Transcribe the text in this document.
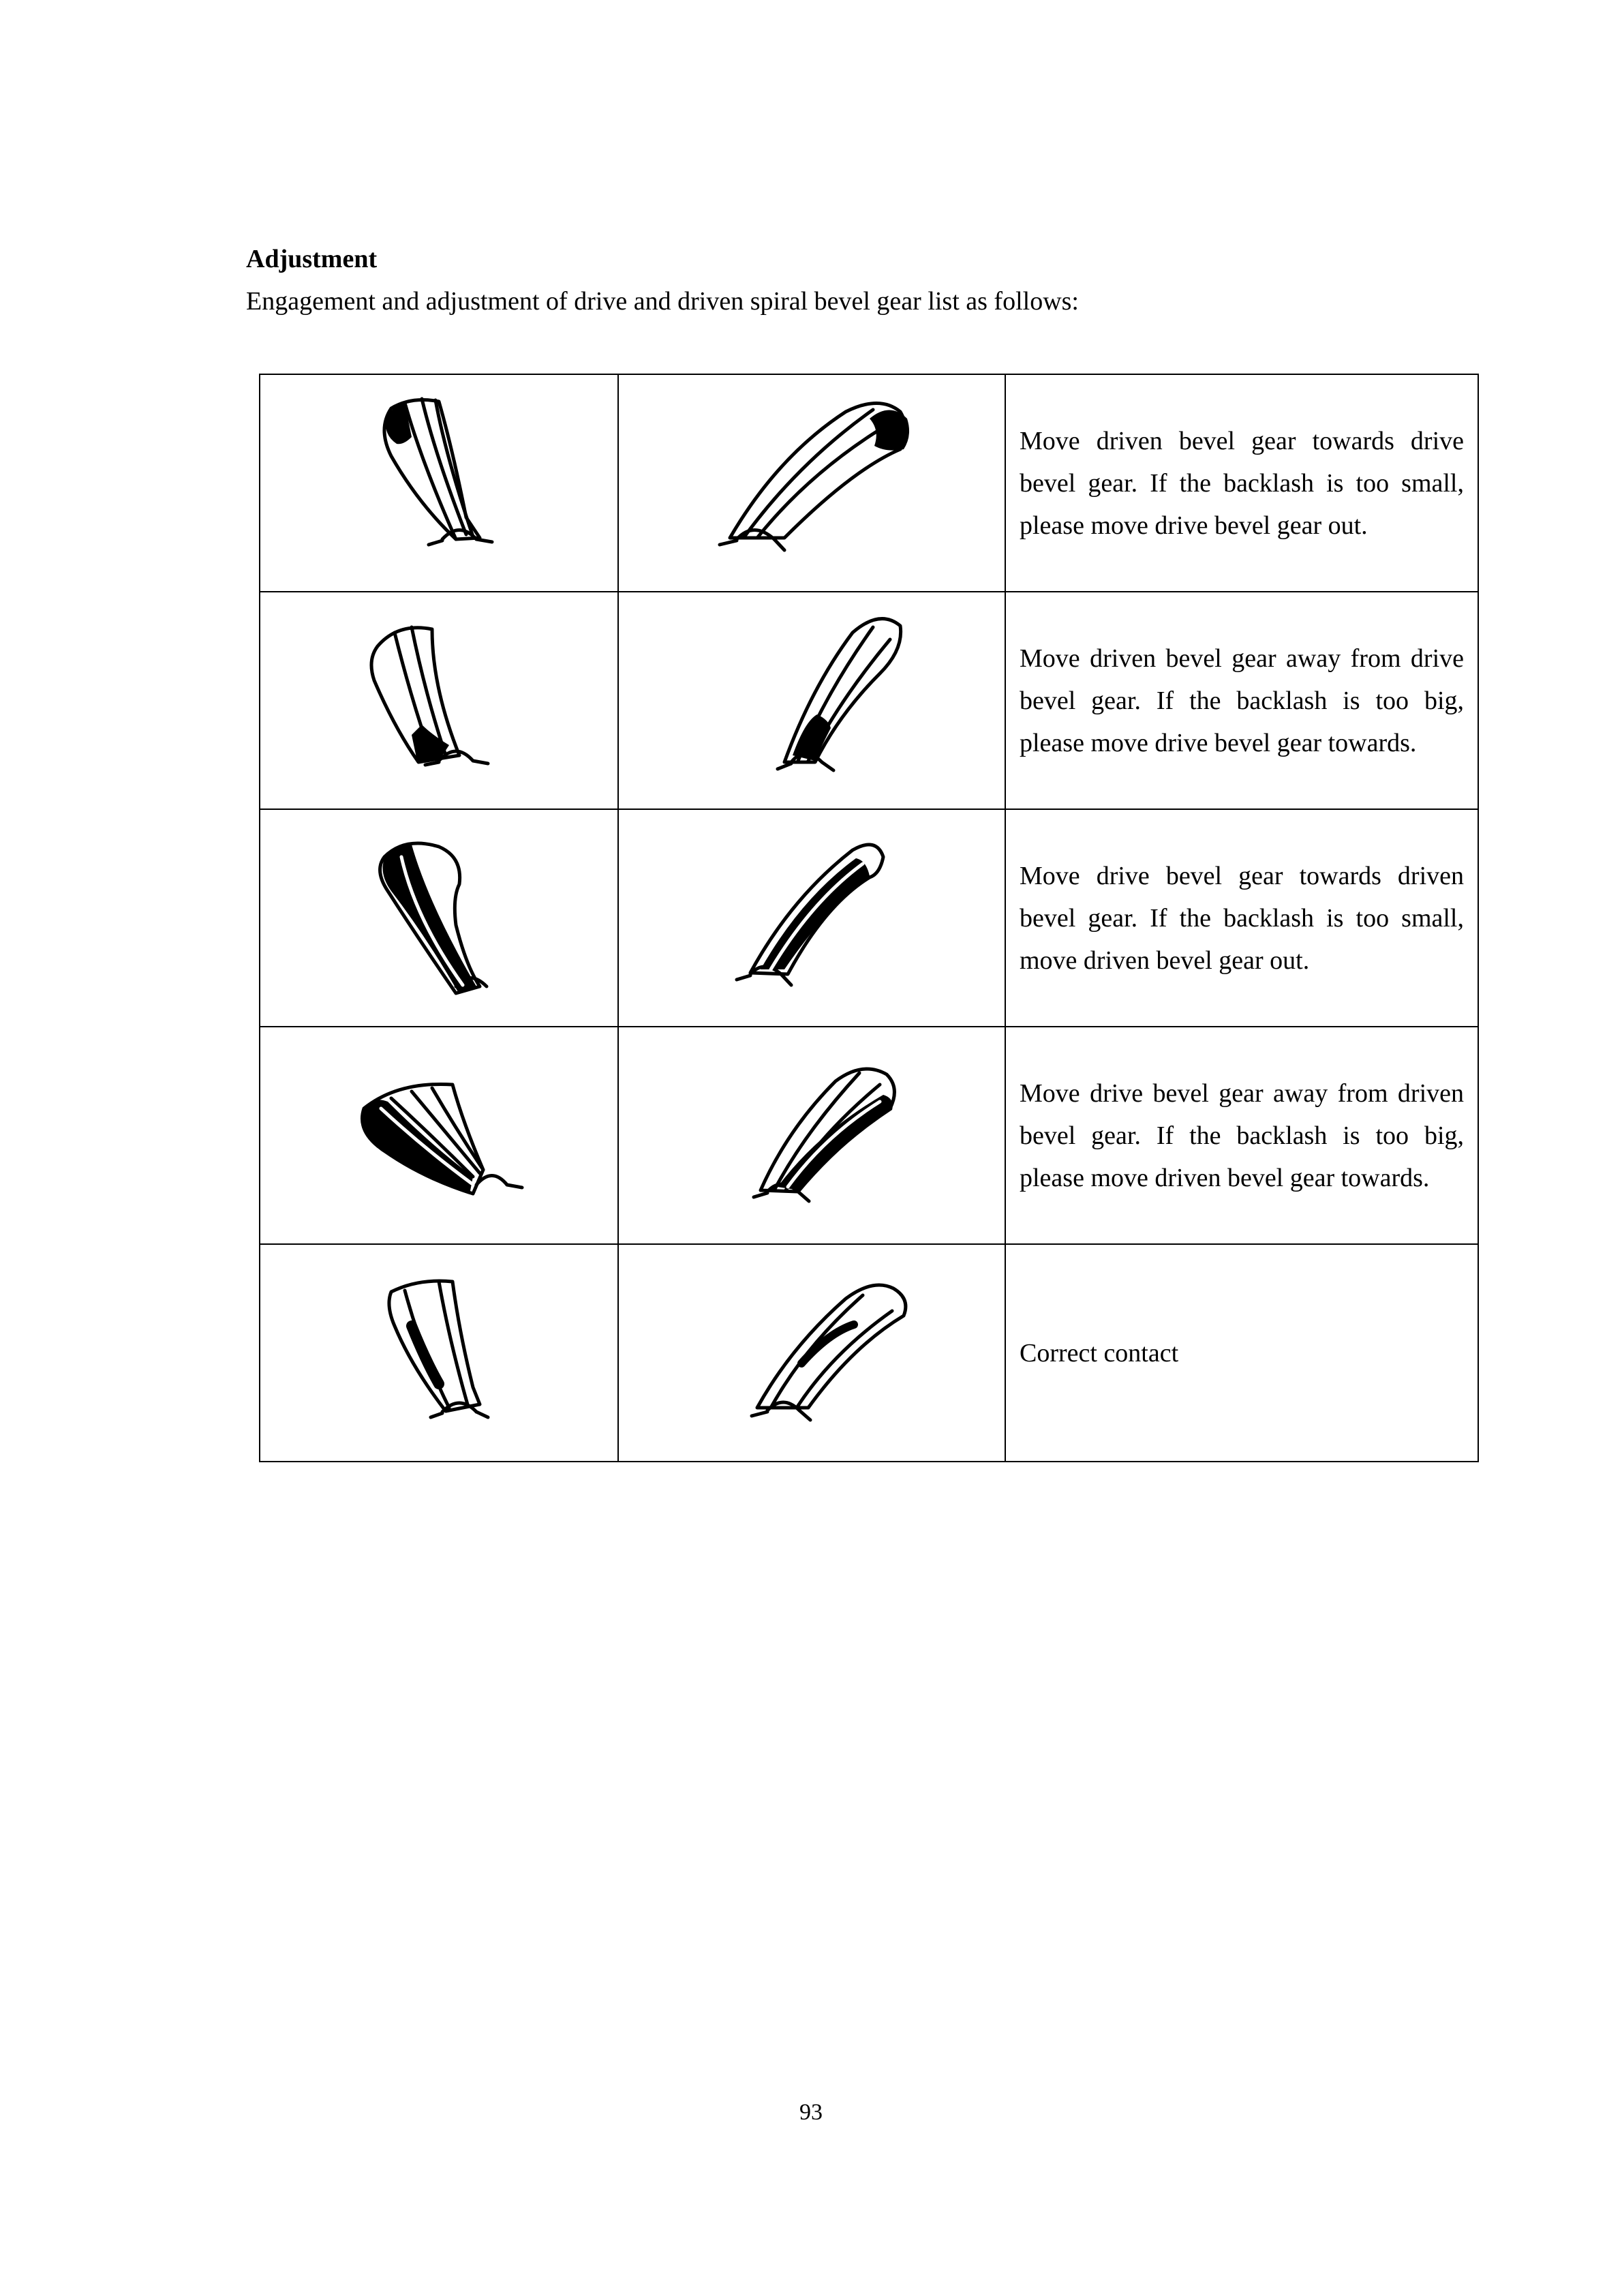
Adjustment

Engagement and adjustment of drive and driven spiral bevel gear list as follows:

Move driven bevel gear towards drive bevel gear. If the backlash is too small, please move drive bevel gear out.

Move driven bevel gear away from drive bevel gear. If the backlash is too big, please move drive bevel gear towards.

Move drive bevel gear towards driven bevel gear. If the backlash is too small, move driven bevel gear out.

Move drive bevel gear away from driven bevel gear. If the backlash is too big, please move driven bevel gear towards.

Correct contact

93
